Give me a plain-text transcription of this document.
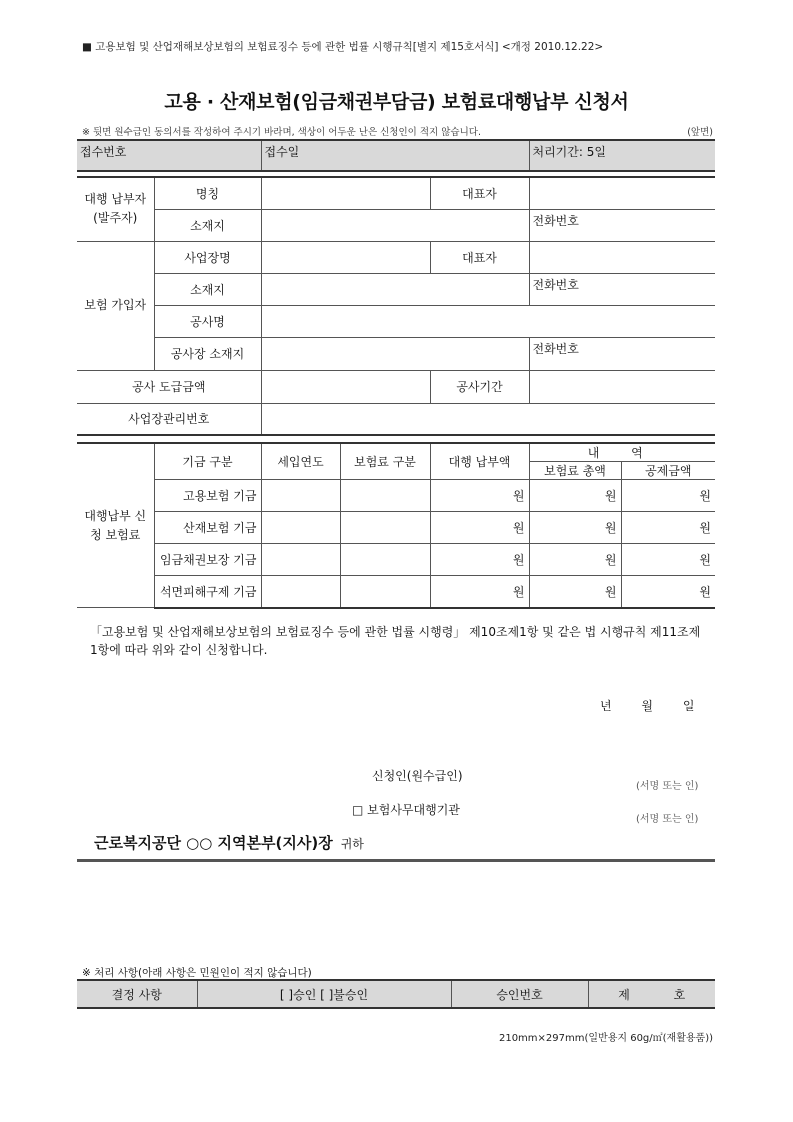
■ 고용보험 및 산업재해보상보험의 보험료징수 등에 관한 법률 시행규칙[별지 제15호서식] <개정 2010.12.22>
고용 · 산재보험(임금채권부담금) 보험료대행납부 신청서
※ 뒷면 원수급인 동의서를 작성하여 주시기 바라며, 색상이 어두운 난은 신청인이 적지 않습니다.	(앞면)
접수번호	접수일	처리기간: 5일
대행 납부자 (발주자)	명칭		대표자	
	소재지			전화번호
보험 가입자	사업장명		대표자	
	소재지			전화번호
	공사명			
	공사장 소재지			전화번호
공사 도급금액			공사기간	
사업장관리번호				
대행납부 신청 보험료	기금 구분	세입연도	보험료 구분	대행 납부액	내 역	
					보험료 총액	공제금액
	고용보험 기금			원	원	원
	산재보험 기금			원	원	원
	임금채권보장 기금			원	원	원
	석면피해구제 기금			원	원	원
「고용보험 및 산업재해보상보험의 보험료징수 등에 관한 법률 시행령」 제10조제1항 및 같은 법 시행규칙 제11조제1항에 따라 위와 같이 신청합니다.
년 월 일
신청인(원수급인)
(서명 또는 인)
□ 보험사무대행기관
(서명 또는 인)
근로복지공단 ○○ 지역본부(지사)장 귀하
※ 처리 사항(아래 사항은 민원인이 적지 않습니다)
결정 사항	[ ]승인 [ ]불승인	승인번호	제 호
210mm×297mm(일반용지 60g/㎡(재활용품))
